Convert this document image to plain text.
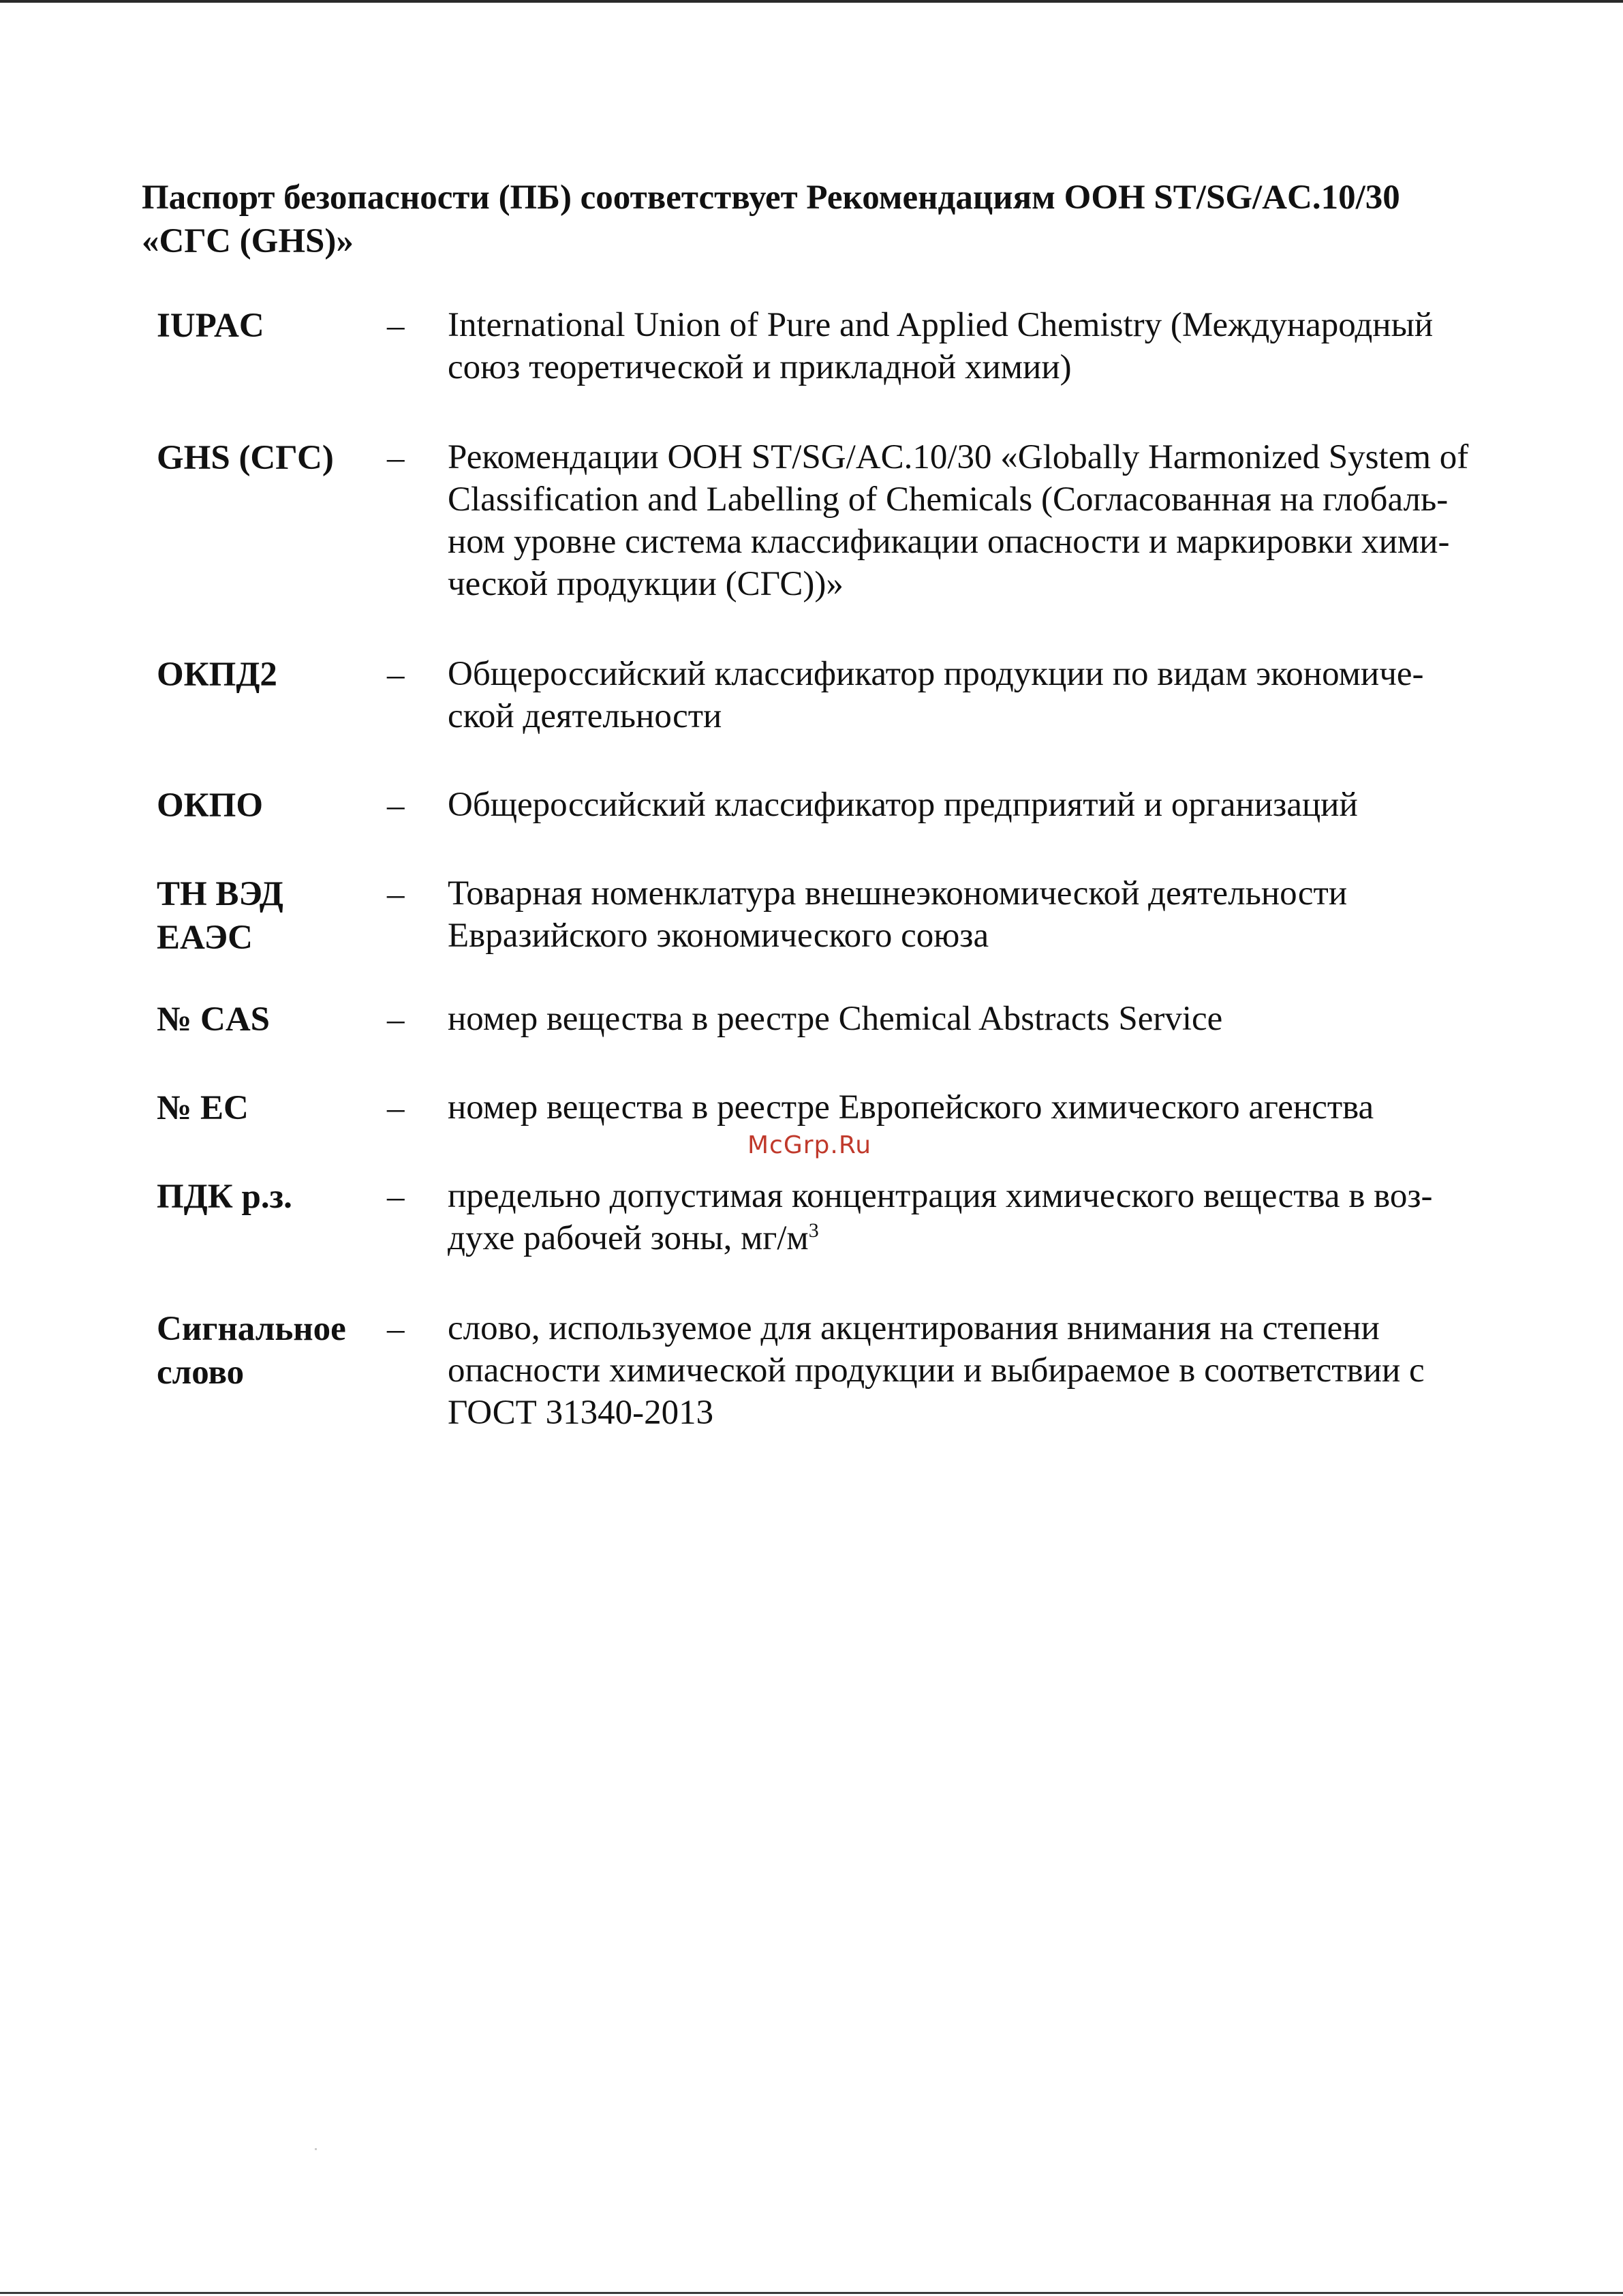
Паспорт безопасности (ПБ) соответствует Рекомендациям ООН ST/SG/AC.10/30
«СГС (GHS)»
IUPAC	– International Union of Pure and Applied Chemistry (Международный
союз теоретической и прикладной химии)
GHS (СГС)	– Рекомендации ООН ST/SG/AC.10/30 «Globally Harmonized System of
Classification and Labelling of Chemicals (Согласованная на глобаль-
ном уровне система классификации опасности и маркировки хими-
ческой продукции (СГС))»
ОКПД2	– Общероссийский классификатор продукции по видам экономиче-
ской деятельности
ОКПО	– Общероссийский классификатор предприятий и организаций
ТН ВЭД
ЕАЭС
– Товарная номенклатура внешнеэкономической деятельности
Евразийского экономического союза
№ CAS	– номер вещества в реестре Chemical Abstracts Service
№ ЕС	– номер вещества в реестре Европейского химического агенства
McGrp.Ru
ПДК р.з.	– предельно допустимая концентрация химического вещества в воз-
духе рабочей зоны, $мг/м^3$
Сигнальное
слово
– слово, используемое для акцентирования внимания на степени
опасности химической продукции и выбираемое в соответствии с
ГОСТ 31340-2013
